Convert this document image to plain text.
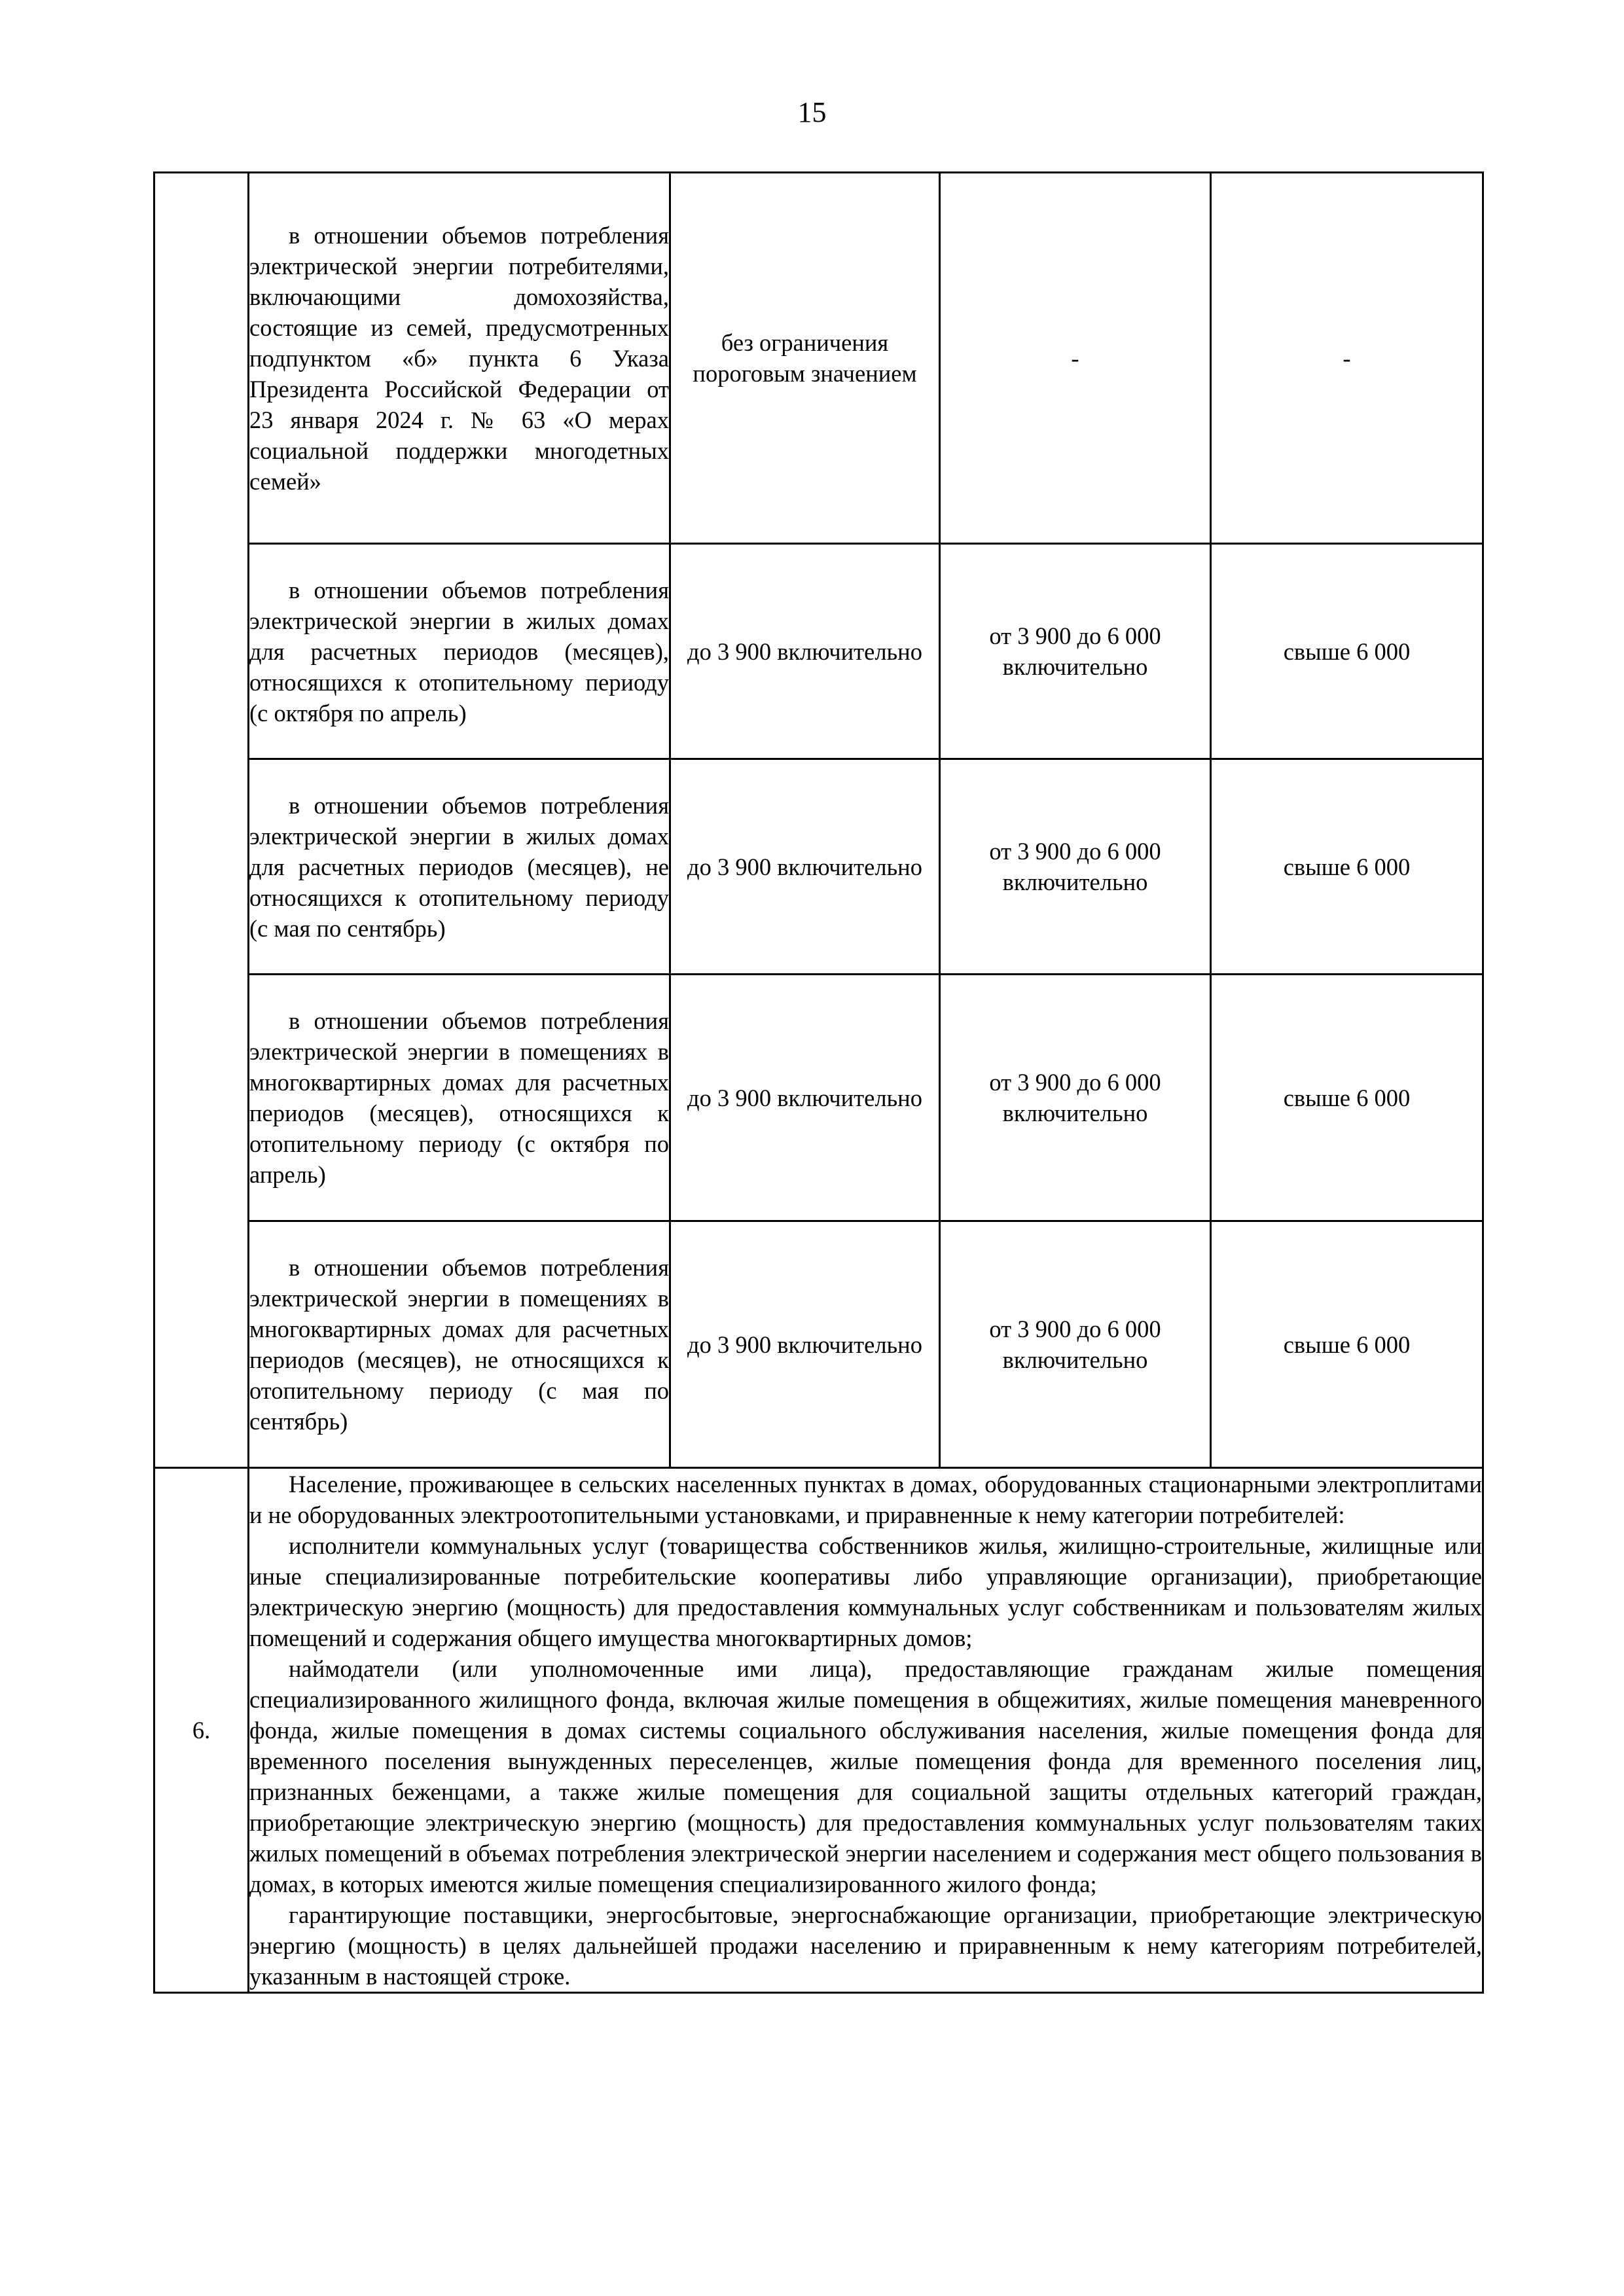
15

	в отношении объемов потребления электрической энергии потребителями, включающими домохозяйства, состоящие из семей, предусмотренных подпунктом «б» пункта 6 Указа Президента Российской Федерации от 23 января 2024 г. № 63 «О мерах социальной поддержки многодетных семей»	без ограничения пороговым значением	-	-

	в отношении объемов потребления электрической энергии в жилых домах для расчетных периодов (месяцев), относящихся к отопительному периоду (с октября по апрель)	до 3 900 включительно	от 3 900 до 6 000 включительно	свыше 6 000

	в отношении объемов потребления электрической энергии в жилых домах для расчетных периодов (месяцев), не относящихся к отопительному периоду (с мая по сентябрь)	до 3 900 включительно	от 3 900 до 6 000 включительно	свыше 6 000

	в отношении объемов потребления электрической энергии в помещениях в многоквартирных домах для расчетных периодов (месяцев), относящихся к отопительному периоду (с октября по апрель)	до 3 900 включительно	от 3 900 до 6 000 включительно	свыше 6 000

	в отношении объемов потребления электрической энергии в помещениях в многоквартирных домах для расчетных периодов (месяцев), не относящихся к отопительному периоду (с мая по сентябрь)	до 3 900 включительно	от 3 900 до 6 000 включительно	свыше 6 000
6.	Население, проживающее в сельских населенных пунктах в домах, оборудованных стационарными электроплитами и не оборудованных электроотопительными установками, и приравненные к нему категории потребителей:

исполнители коммунальных услуг (товарищества собственников жилья, жилищно-строительные, жилищные или иные специализированные потребительские кооперативы либо управляющие организации), приобретающие электрическую энергию (мощность) для предоставления коммунальных услуг собственникам и пользователям жилых помещений и содержания общего имущества многоквартирных домов;

наймодатели (или уполномоченные ими лица), предоставляющие гражданам жилые помещения специализированного жилищного фонда, включая жилые помещения в общежитиях, жилые помещения маневренного фонда, жилые помещения в домах системы социального обслуживания населения, жилые помещения фонда для временного поселения вынужденных переселенцев, жилые помещения фонда для временного поселения лиц, признанных беженцами, а также жилые помещения для социальной защиты отдельных категорий граждан, приобретающие электрическую энергию (мощность) для предоставления коммунальных услуг пользователям таких жилых помещений в объемах потребления электрической энергии населением и содержания мест общего пользования в домах, в которых имеются жилые помещения специализированного жилого фонда;

гарантирующие поставщики, энергосбытовые, энергоснабжающие организации, приобретающие электрическую энергию (мощность) в целях дальнейшей продажи населению и приравненным к нему категориям потребителей, указанным в настоящей строке.			
